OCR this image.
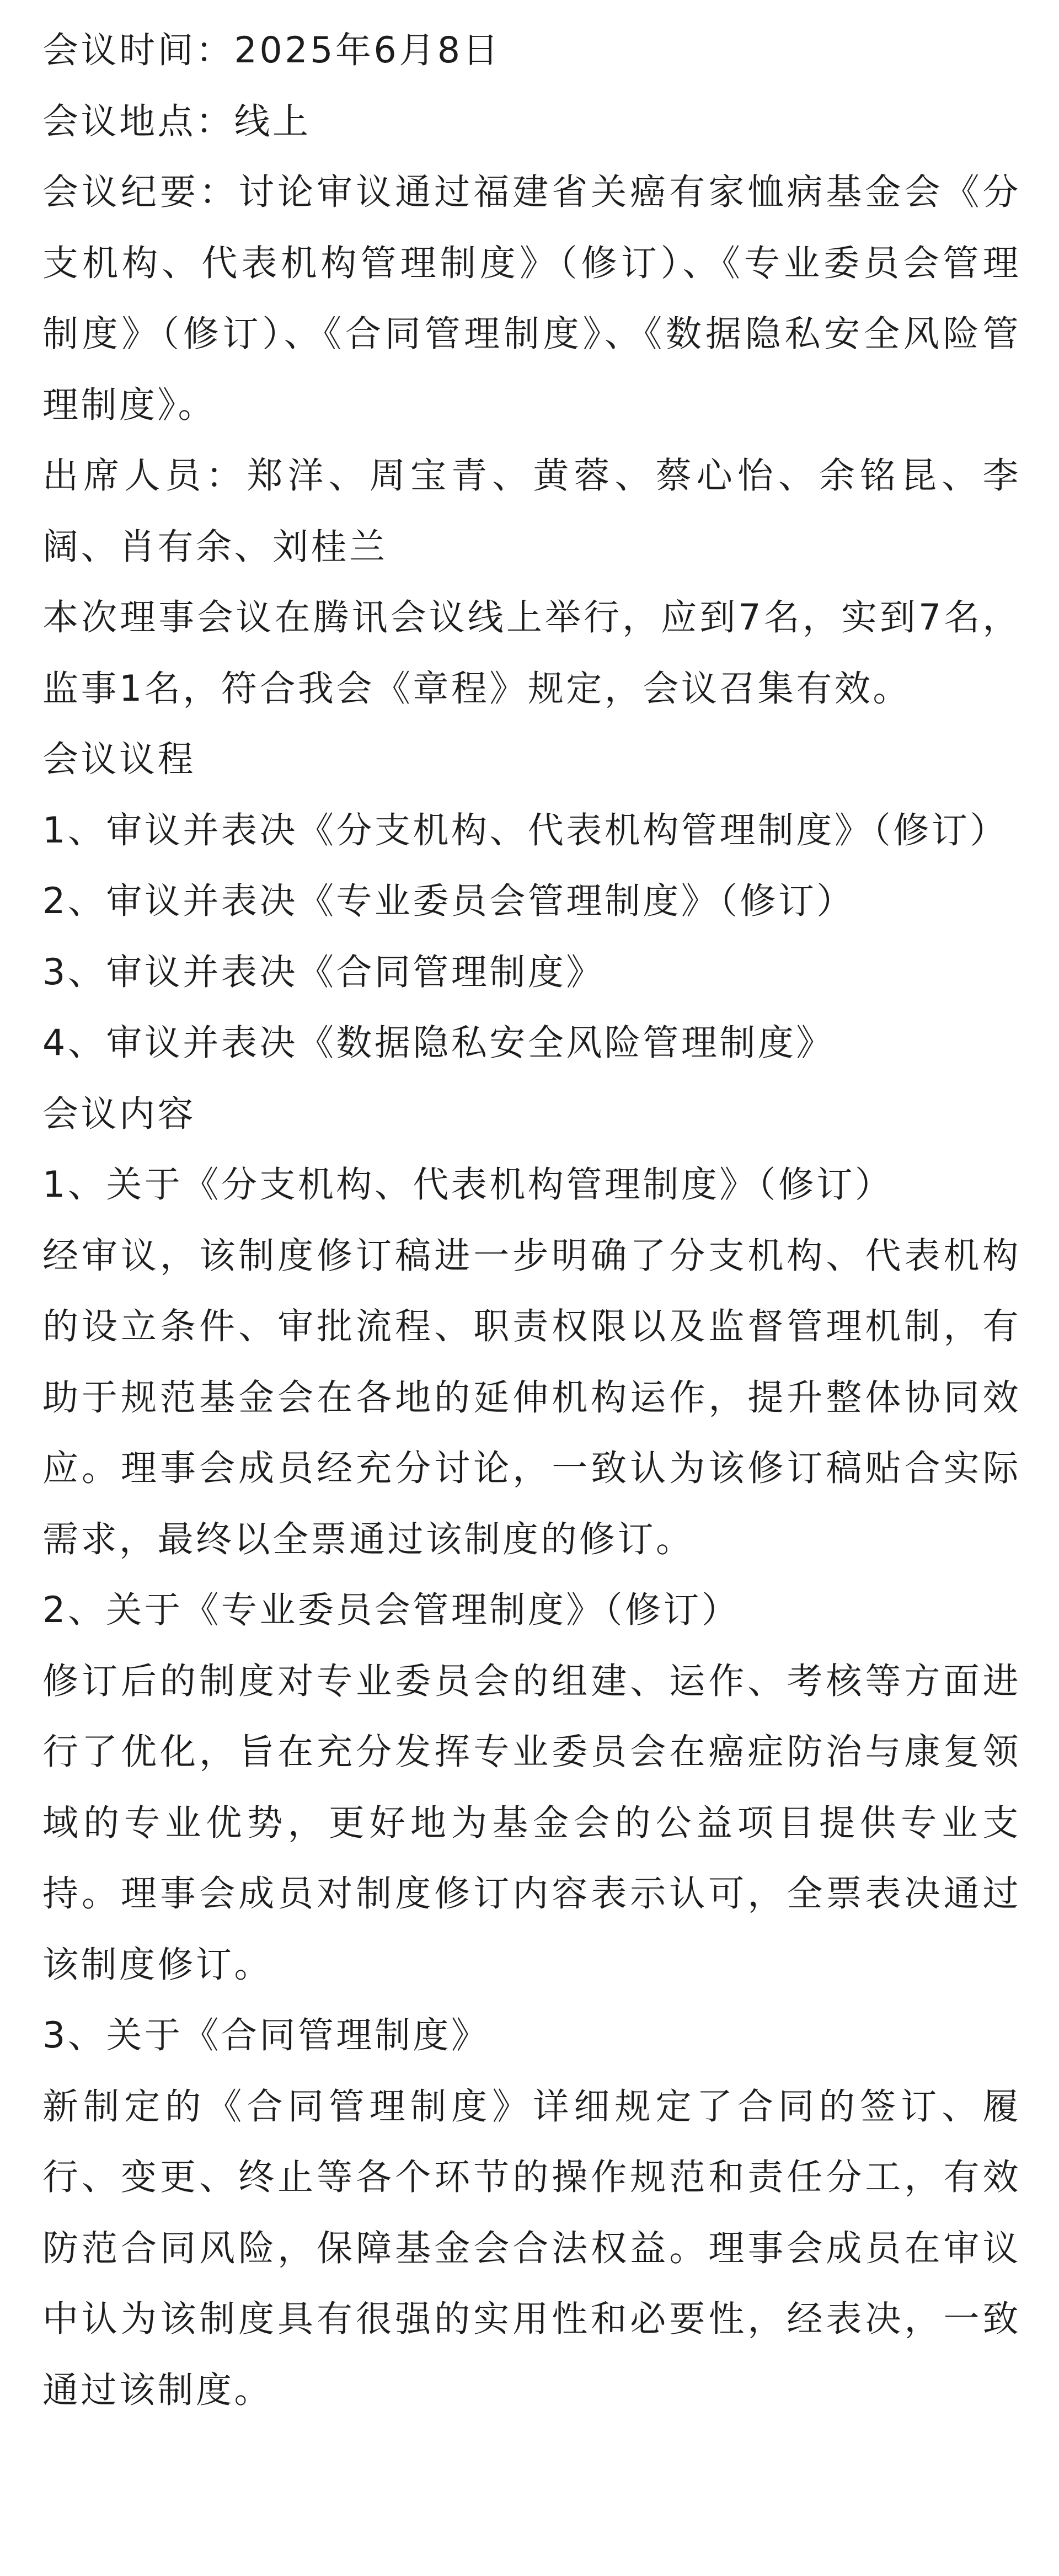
会议时间：2025年6月8日

会议地点：线上

会议纪要：讨论审议通过福建省关癌有家恤病基金会《分支机构、代表机构管理制度》（修订）、《专业委员会管理制度》（修订）、《合同管理制度》、《数据隐私安全风险管理制度》。

出席人员：郑洋、周宝青、黄蓉、蔡心怡、余铭昆、李阔、肖有余、刘桂兰

本次理事会议在腾讯会议线上举行，应到7名，实到7名，监事1名，符合我会《章程》规定，会议召集有效。

会议议程

1、审议并表决《分支机构、代表机构管理制度》（修订）

2、审议并表决《专业委员会管理制度》（修订）

3、审议并表决《合同管理制度》

4、审议并表决《数据隐私安全风险管理制度》

会议内容

1、关于《分支机构、代表机构管理制度》（修订）

经审议，该制度修订稿进一步明确了分支机构、代表机构的设立条件、审批流程、职责权限以及监督管理机制，有助于规范基金会在各地的延伸机构运作，提升整体协同效应。理事会成员经充分讨论，一致认为该修订稿贴合实际需求，最终以全票通过该制度的修订。

2、关于《专业委员会管理制度》（修订）

修订后的制度对专业委员会的组建、运作、考核等方面进行了优化，旨在充分发挥专业委员会在癌症防治与康复领域的专业优势，更好地为基金会的公益项目提供专业支持。理事会成员对制度修订内容表示认可，全票表决通过该制度修订。

3、关于《合同管理制度》

新制定的《合同管理制度》详细规定了合同的签订、履行、变更、终止等各个环节的操作规范和责任分工，有效防范合同风险，保障基金会合法权益。理事会成员在审议中认为该制度具有很强的实用性和必要性，经表决，一致通过该制度。
